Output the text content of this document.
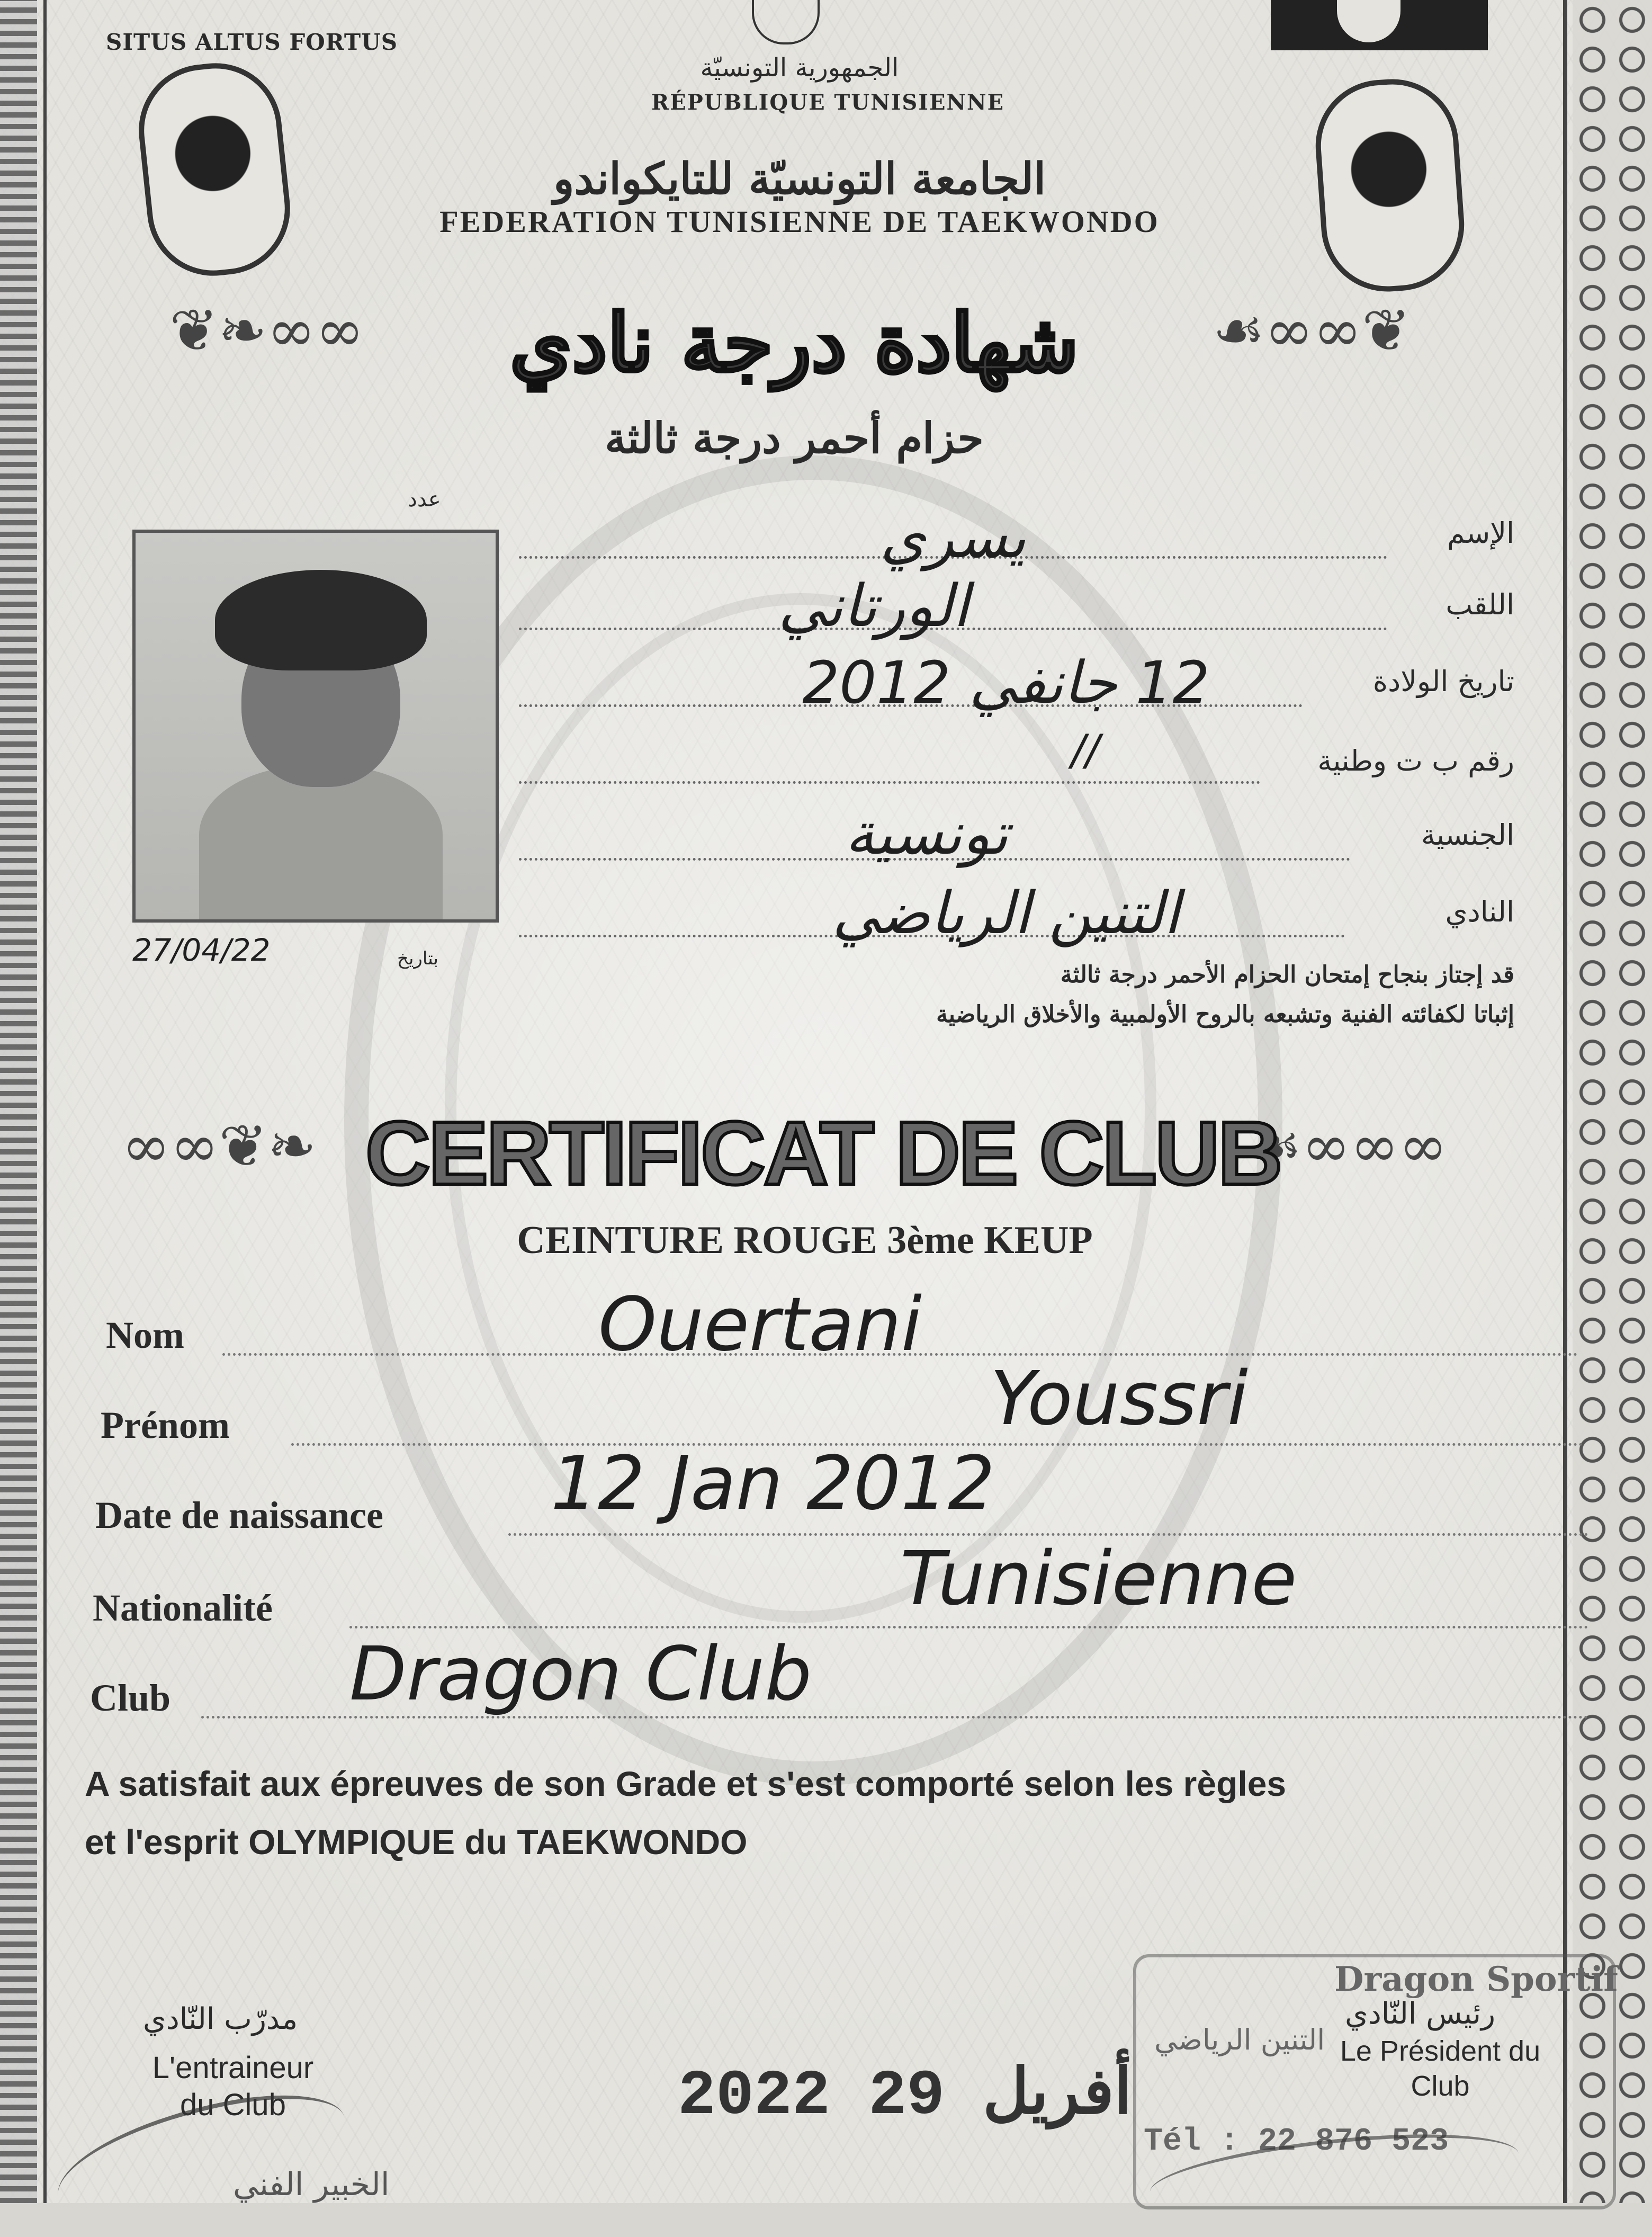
SITUS ALTUS FORTUS
الجمهورية التونسيّة
RÉPUBLIQUE TUNISIENNE
الجامعة التونسيّة للتايكواندو
FEDERATION TUNISIENNE DE TAEKWONDO
❦❧∞∞	☙∞∞❦
شهادة درجة نادي
حزام أحمر درجة ثالثة
عدد
27/04/22	بتاريخ
الإسم
يسري
اللقب
الورتاني
تاريخ الولادة
12 جانفي 2012
رقم ب ت وطنية
//
الجنسية
تونسية
النادي
التنين الرياضي
قد إجتاز بنجاح إمتحان الحزام الأحمر درجة ثالثة
إثباتا لكفائته الفنية وتشبعه بالروح الأولمبية والأخلاق الرياضية
∞∞❦❧	☙∞∞∞
CERTIFICAT DE CLUB
CEINTURE ROUGE 3ème KEUP
Nom	Ouertani
Prénom	Youssri
Date de naissance 12 Jan 2012
Nationalité	Tunisienne
Club Dragon Club
A satisfait aux épreuves de son Grade et s'est comporté selon les règles
et l'esprit OLYMPIQUE du TAEKWONDO
مدرّب النّادي
L'entraineur du Club
الخبير الفني
2022 أفريل 29
Dragon Sportif
رئيس النّادي
التنين الرياضي Le Président du Club
Tél : 22 876 523
